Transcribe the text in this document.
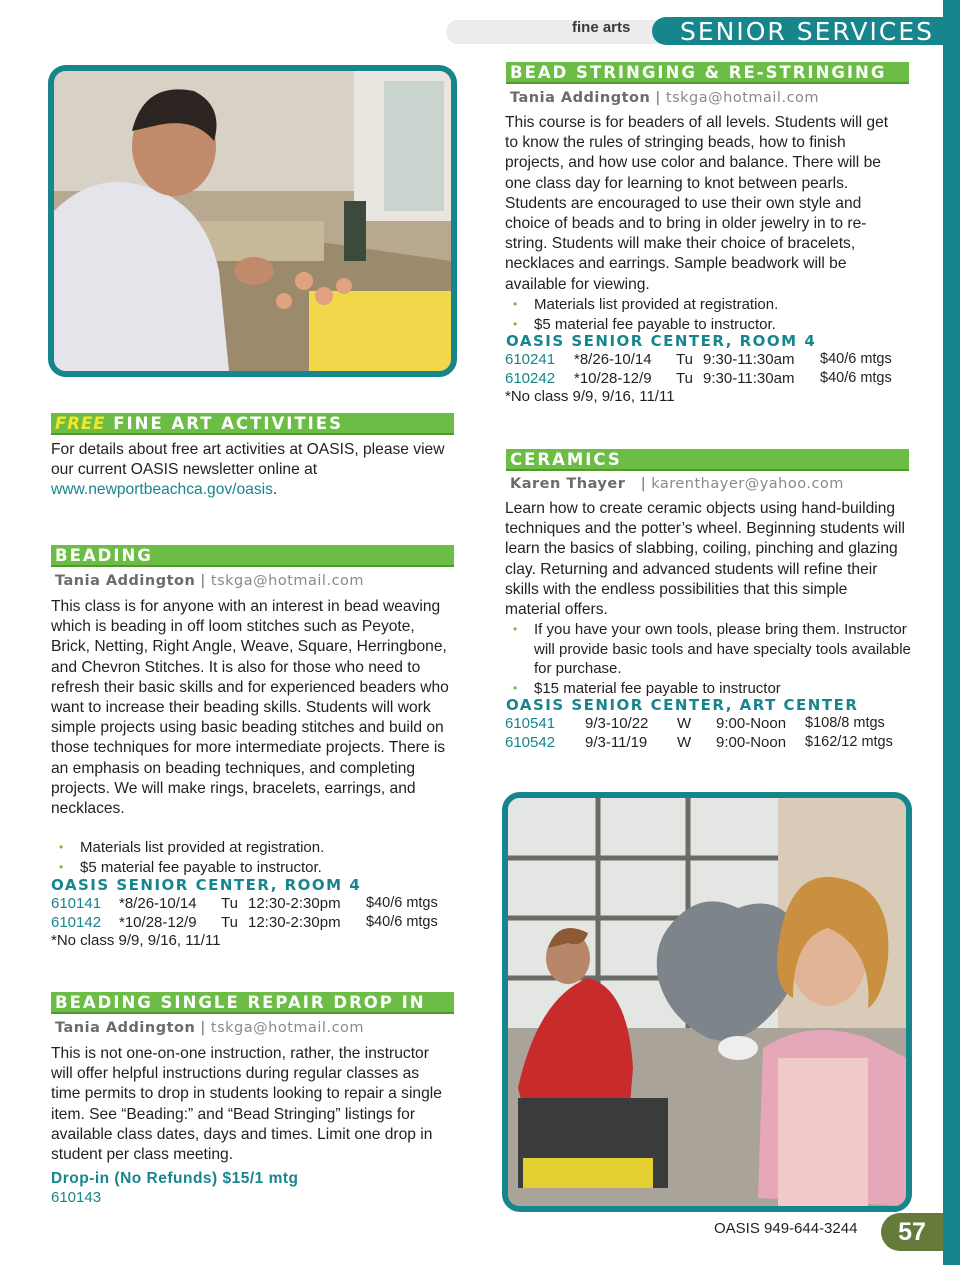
fine arts SENIOR SERVICES
FREE FINE ART ACTIVITIES
For details about free art activities at OASIS, please view our current OASIS newsletter online at www.newportbeachca.gov/oasis.
BEADING
Tania Addington | tskga@hotmail.com
This class is for anyone with an interest in bead weaving which is beading in off loom stitches such as Peyote, Brick, Netting, Right Angle, Weave, Square, Herringbone, and Chevron Stitches. It is also for those who need to refresh their basic skills and for experienced beaders who want to increase their beading skills. Students will work simple projects using basic beading stitches and build on those techniques for more intermediate projects. There is an emphasis on beading techniques, and completing projects. We will make rings, bracelets, earrings, and necklaces.
• Materials list provided at registration.
• $5 material fee payable to instructor.
OASIS SENIOR CENTER, ROOM 4
610141 *8/26-10/14 Tu 12:30-2:30pm $40/6 mtgs
610142 *10/28-12/9 Tu 12:30-2:30pm $40/6 mtgs
*No class 9/9, 9/16, 11/11
BEADING SINGLE REPAIR DROP IN
Tania Addington | tskga@hotmail.com
This is not one-on-one instruction, rather, the instructor will offer helpful instructions during regular classes as time permits to drop in students looking to repair a single item. See “Beading:” and “Bead Stringing” listings for available class dates, days and times. Limit one drop in student per class meeting.
Drop-in (No Refunds) $15/1 mtg
610143
BEAD STRINGING & RE-STRINGING
Tania Addington | tskga@hotmail.com
This course is for beaders of all levels. Students will get to know the rules of stringing beads, how to finish projects, and how use color and balance. There will be one class day for learning to knot between pearls. Students are encouraged to use their own style and choice of beads and to bring in older jewelry in to re-string. Students will make their choice of bracelets, necklaces and earrings. Sample beadwork will be available for viewing.
• Materials list provided at registration.
• $5 material fee payable to instructor.
OASIS SENIOR CENTER, ROOM 4
610241 *8/26-10/14 Tu 9:30-11:30am $40/6 mtgs
610242 *10/28-12/9 Tu 9:30-11:30am $40/6 mtgs
*No class 9/9, 9/16, 11/11
CERAMICS
Karen Thayer   | karenthayer@yahoo.com
Learn how to create ceramic objects using hand-building techniques and the potter’s wheel. Beginning students will learn the basics of slabbing, coiling, pinching and glazing clay. Returning and advanced students will refine their skills with the endless possibilities that this simple material offers.
• If you have your own tools, please bring them. Instructor will provide basic tools and have specialty tools available for purchase.
• $15 material fee payable to instructor
OASIS SENIOR CENTER, ART CENTER
610541 9/3-10/22 W 9:00-Noon $108/8 mtgs
610542 9/3-11/19 W 9:00-Noon $162/12 mtgs
OASIS 949-644-3244	57
